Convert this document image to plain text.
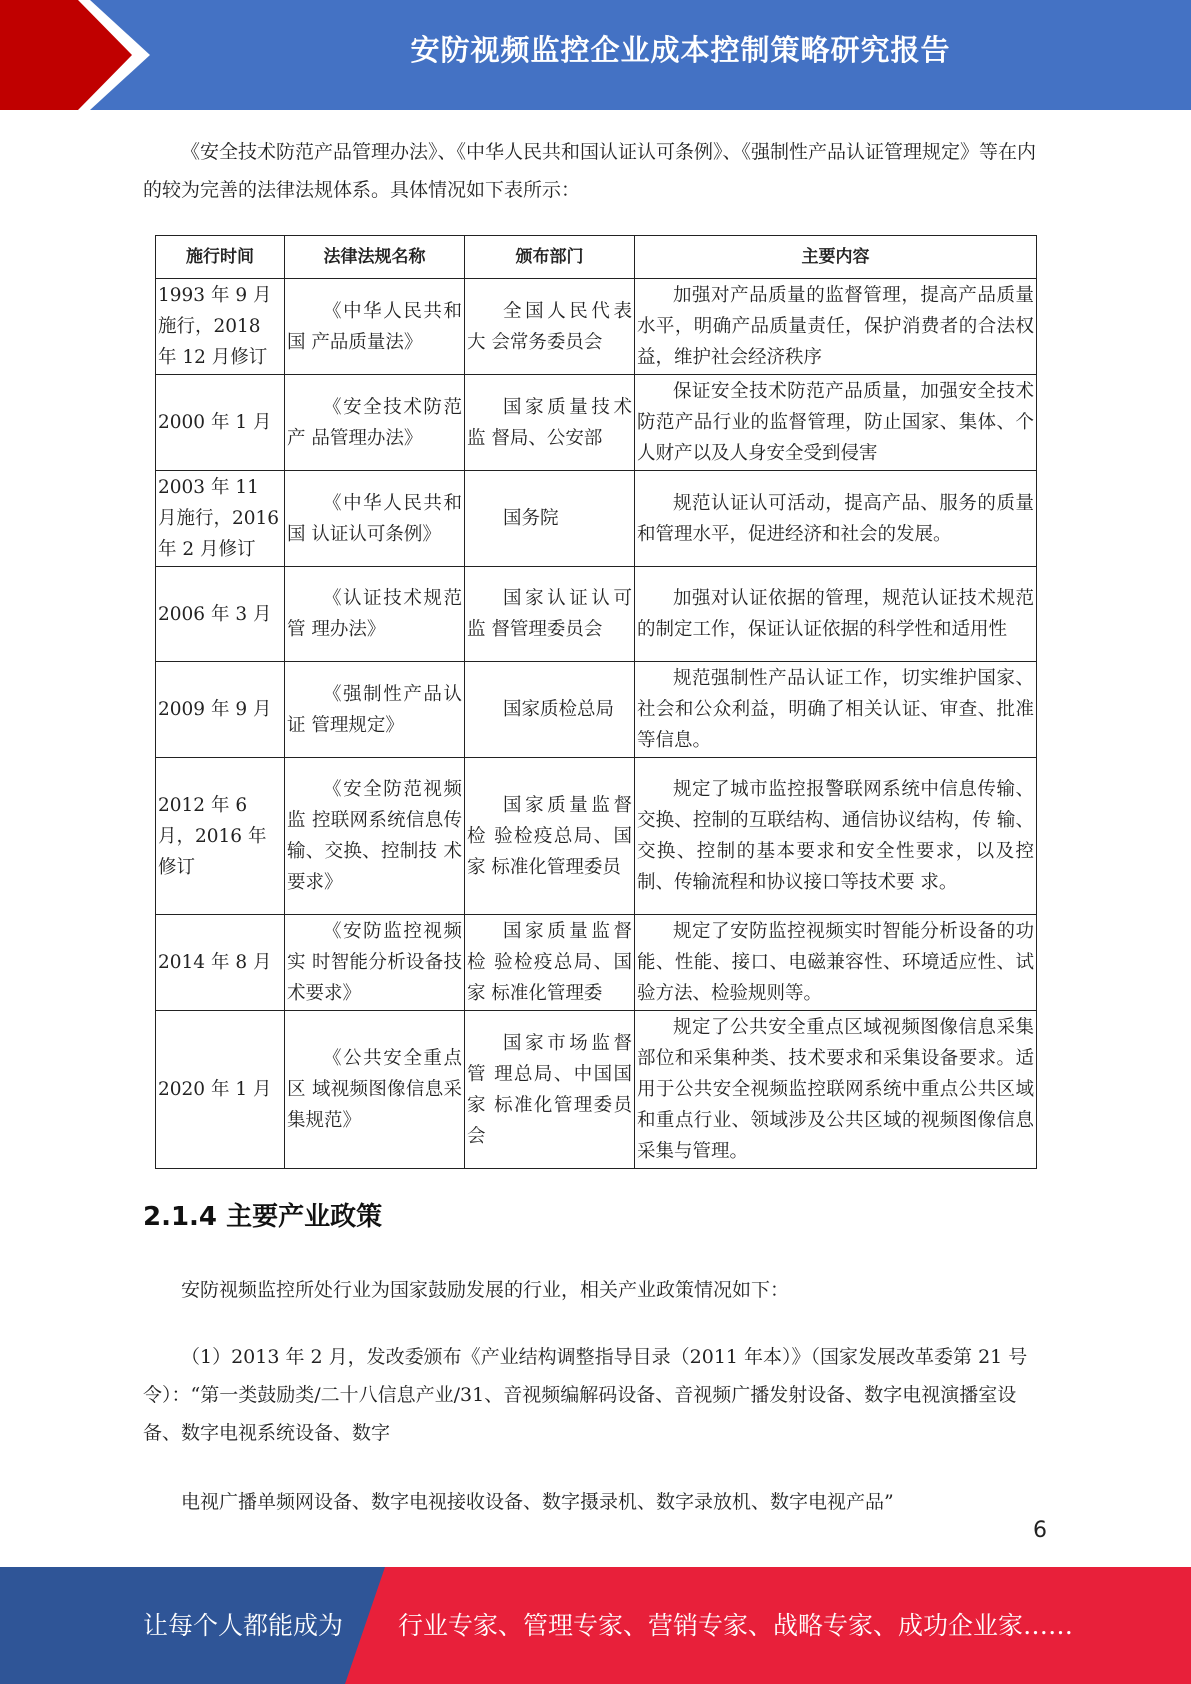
安防视频监控企业成本控制策略研究报告

《安全技术防范产品管理办法》、《中华人民共和国认证认可条例》、《强制性产品认证管理规定》等在内的较为完善的法律法规体系。具体情况如下表所示：

施行时间	法律法规名称	颁布部门	主要内容
1993 年 9 月施行，2018 年 12 月修订	《中华人民共和国 产品质量法》	全国人民代表大 会常务委员会	加强对产品质量的监督管理，提高产品质量 水平，明确产品质量责任，保护消费者的合法权益，维护社会经济秩序
2000 年 1 月	《安全技术防范产 品管理办法》	国家质量技术监 督局、公安部	保证安全技术防范产品质量，加强安全技术 防范产品行业的监督管理，防止国家、集体、个人财产以及人身安全受到侵害
2003 年 11 月施行，2016 年 2 月修订	《中华人民共和国 认证认可条例》	国务院	规范认证认可活动，提高产品、服务的质量 和管理水平，促进经济和社会的发展。
2006 年 3 月	《认证技术规范管 理办法》	国家认证认可监 督管理委员会	加强对认证依据的管理，规范认证技术规范 的制定工作，保证认证依据的科学性和适用性
2009 年 9 月	《强制性产品认证 管理规定》	国家质检总局	规范强制性产品认证工作，切实维护国家、社会和公众利益，明确了相关认证、审查、批准等信息。
2012 年 6 月，2016 年修订	《安全防范视频监 控联网系统信息传 输、交换、控制技 术要求》	国家质量监督检 验检疫总局、国家 标准化管理委员	规定了城市监控报警联网系统中信息传输、 交换、控制的互联结构、通信协议结构，传 输、交换、控制的基本要求和安全性要求，以及控制、传输流程和协议接口等技术要 求。
2014 年 8 月	《安防监控视频实 时智能分析设备技 术要求》	国家质量监督检 验检疫总局、国家 标准化管理委	规定了安防监控视频实时智能分析设备的功能、性能、接口、电磁兼容性、环境适应性、试验方法、检验规则等。
2020 年 1 月	《公共安全重点区 域视频图像信息采 集规范》	国家市场监督管 理总局、中国国家 标准化管理委员 会	规定了公共安全重点区域视频图像信息采集部位和采集种类、技术要求和采集设备要求。适用于公共安全视频监控联网系统中重点公共区域和重点行业、领域涉及公共区域的视频图像信息采集与管理。
2.1.4 主要产业政策

安防视频监控所处行业为国家鼓励发展的行业，相关产业政策情况如下：

（1）2013 年 2 月，发改委颁布《产业结构调整指导目录（2011 年本）》（国家发展改革委第 21 号令）：“第一类鼓励类/二十八信息产业/31、音视频编解码设备、音视频广播发射设备、数字电视演播室设备、数字电视系统设备、数字

电视广播单频网设备、数字电视接收设备、数字摄录机、数字录放机、数字电视产品”

6
让每个人都能成为 行业专家、管理专家、营销专家、战略专家、成功企业家……
